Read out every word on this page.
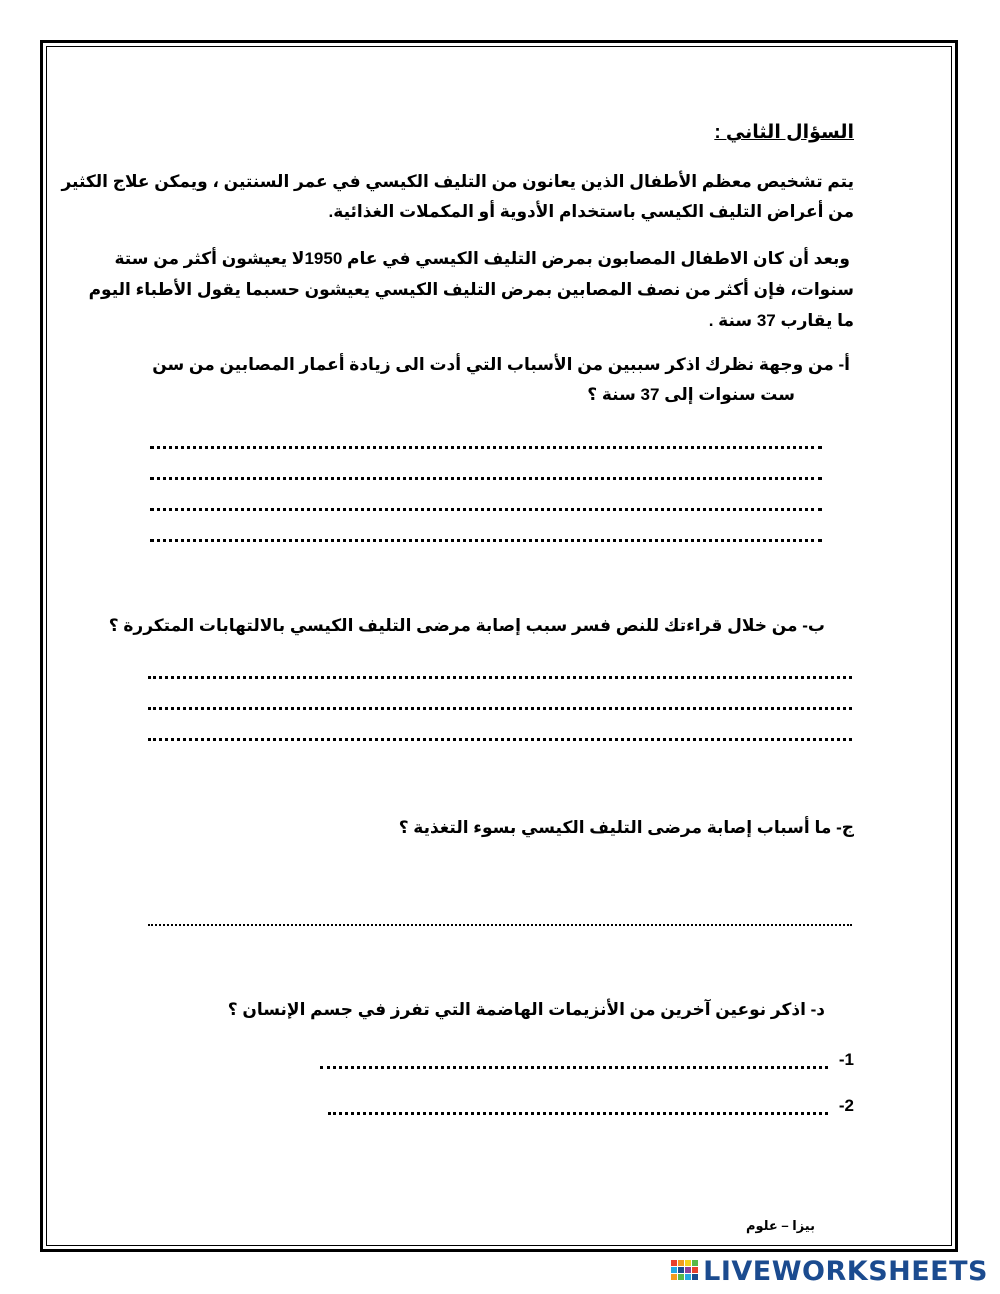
السؤال الثاني :
يتم تشخيص معظم الأطفال الذين يعانون من التليف الكيسي في عمر السنتين ، ويمكن علاج الكثير
من أعراض التليف الكيسي باستخدام الأدوية أو المكملات الغذائية.
وبعد أن كان الاطفال المصابون بمرض التليف الكيسي في عام 1950لا يعيشون أكثر من ستة
سنوات، فإن أكثر من نصف المصابين بمرض التليف الكيسي يعيشون حسبما يقول الأطباء اليوم
ما يقارب 37 سنة .
أ- من وجهة نظرك اذكر سببين من الأسباب التي أدت الى زيادة أعمار المصابين من سن
ست سنوات إلى 37 سنة ؟
ب- من خلال قراءتك للنص فسر سبب إصابة مرضى التليف الكيسي بالالتهابات المتكررة ؟
ج- ما أسباب إصابة مرضى التليف الكيسي بسوء التغذية ؟
د- اذكر نوعين آخرين من الأنزيمات الهاضمة التي تفرز في جسم الإنسان ؟
1-
2-
بيزا – علوم
LIVEWORKSHEETS
